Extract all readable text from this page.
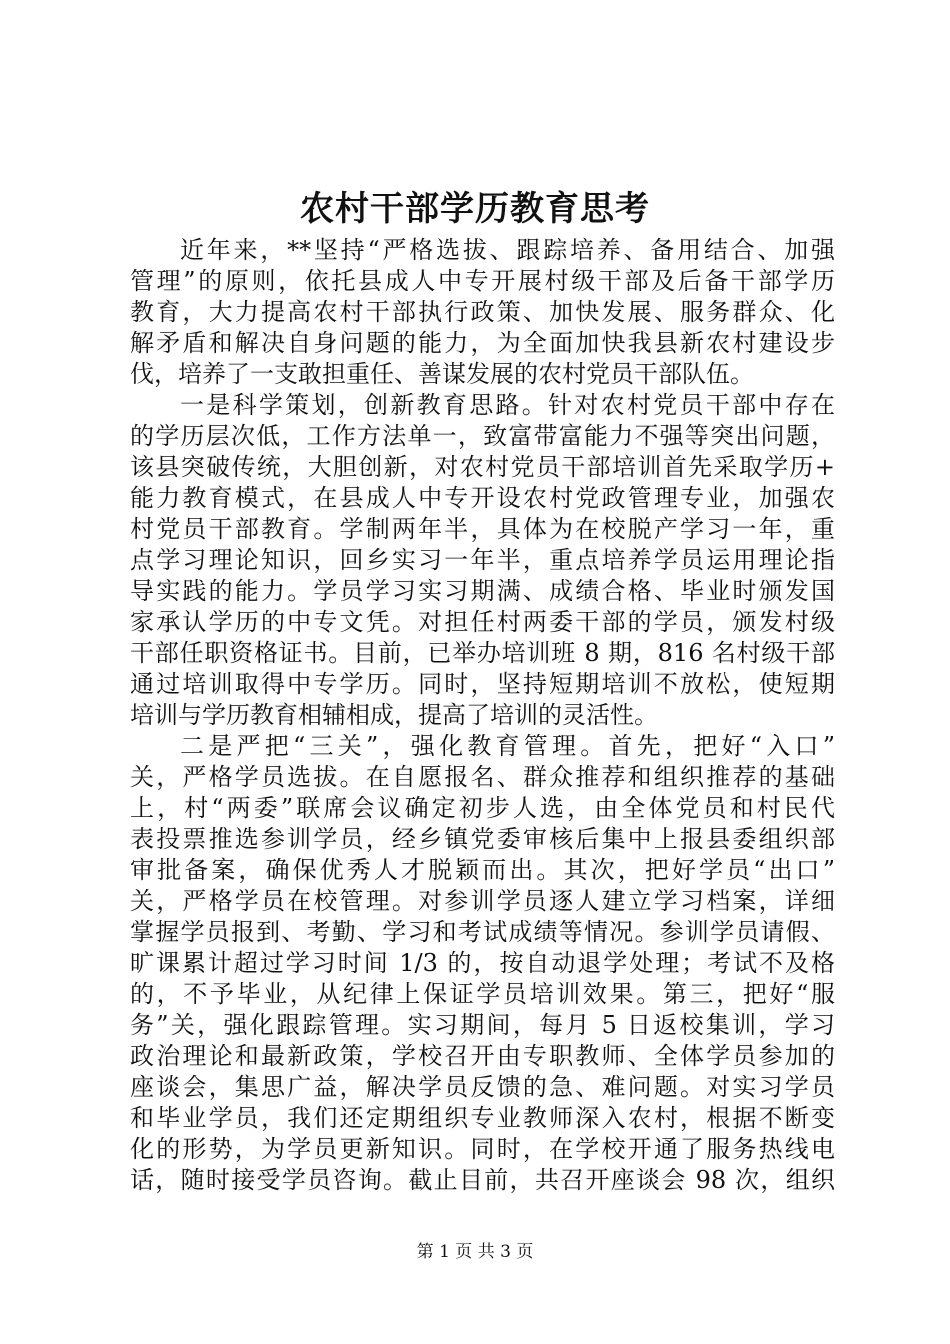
农村干部学历教育思考
近年来，**坚持“严格选拔、跟踪培养、备用结合、加强
管理”的原则，依托县成人中专开展村级干部及后备干部学历
教育，大力提高农村干部执行政策、加快发展、服务群众、化
解矛盾和解决自身问题的能力，为全面加快我县新农村建设步
伐，培养了一支敢担重任、善谋发展的农村党员干部队伍。
一是科学策划，创新教育思路。针对农村党员干部中存在
的学历层次低，工作方法单一，致富带富能力不强等突出问题，
该县突破传统，大胆创新，对农村党员干部培训首先采取学历+
能力教育模式，在县成人中专开设农村党政管理专业，加强农
村党员干部教育。学制两年半，具体为在校脱产学习一年，重
点学习理论知识，回乡实习一年半，重点培养学员运用理论指
导实践的能力。学员学习实习期满、成绩合格、毕业时颁发国
家承认学历的中专文凭。对担任村两委干部的学员，颁发村级
干部任职资格证书。目前，已举办培训班 8 期，816 名村级干部
通过培训取得中专学历。同时，坚持短期培训不放松，使短期
培训与学历教育相辅相成，提高了培训的灵活性。
二是严把“三关”，强化教育管理。首先，把好“入口”
关，严格学员选拔。在自愿报名、群众推荐和组织推荐的基础
上，村“两委”联席会议确定初步人选，由全体党员和村民代
表投票推选参训学员，经乡镇党委审核后集中上报县委组织部
审批备案，确保优秀人才脱颖而出。其次，把好学员“出口”
关，严格学员在校管理。对参训学员逐人建立学习档案，详细
掌握学员报到、考勤、学习和考试成绩等情况。参训学员请假、
旷课累计超过学习时间 1/3 的，按自动退学处理；考试不及格
的，不予毕业，从纪律上保证学员培训效果。第三，把好“服
务”关，强化跟踪管理。实习期间，每月 5 日返校集训，学习
政治理论和最新政策，学校召开由专职教师、全体学员参加的
座谈会，集思广益，解决学员反馈的急、难问题。对实习学员
和毕业学员，我们还定期组织专业教师深入农村，根据不断变
化的形势，为学员更新知识。同时，在学校开通了服务热线电
话，随时接受学员咨询。截止目前，共召开座谈会 98 次，组织
第 1 页 共 3 页
